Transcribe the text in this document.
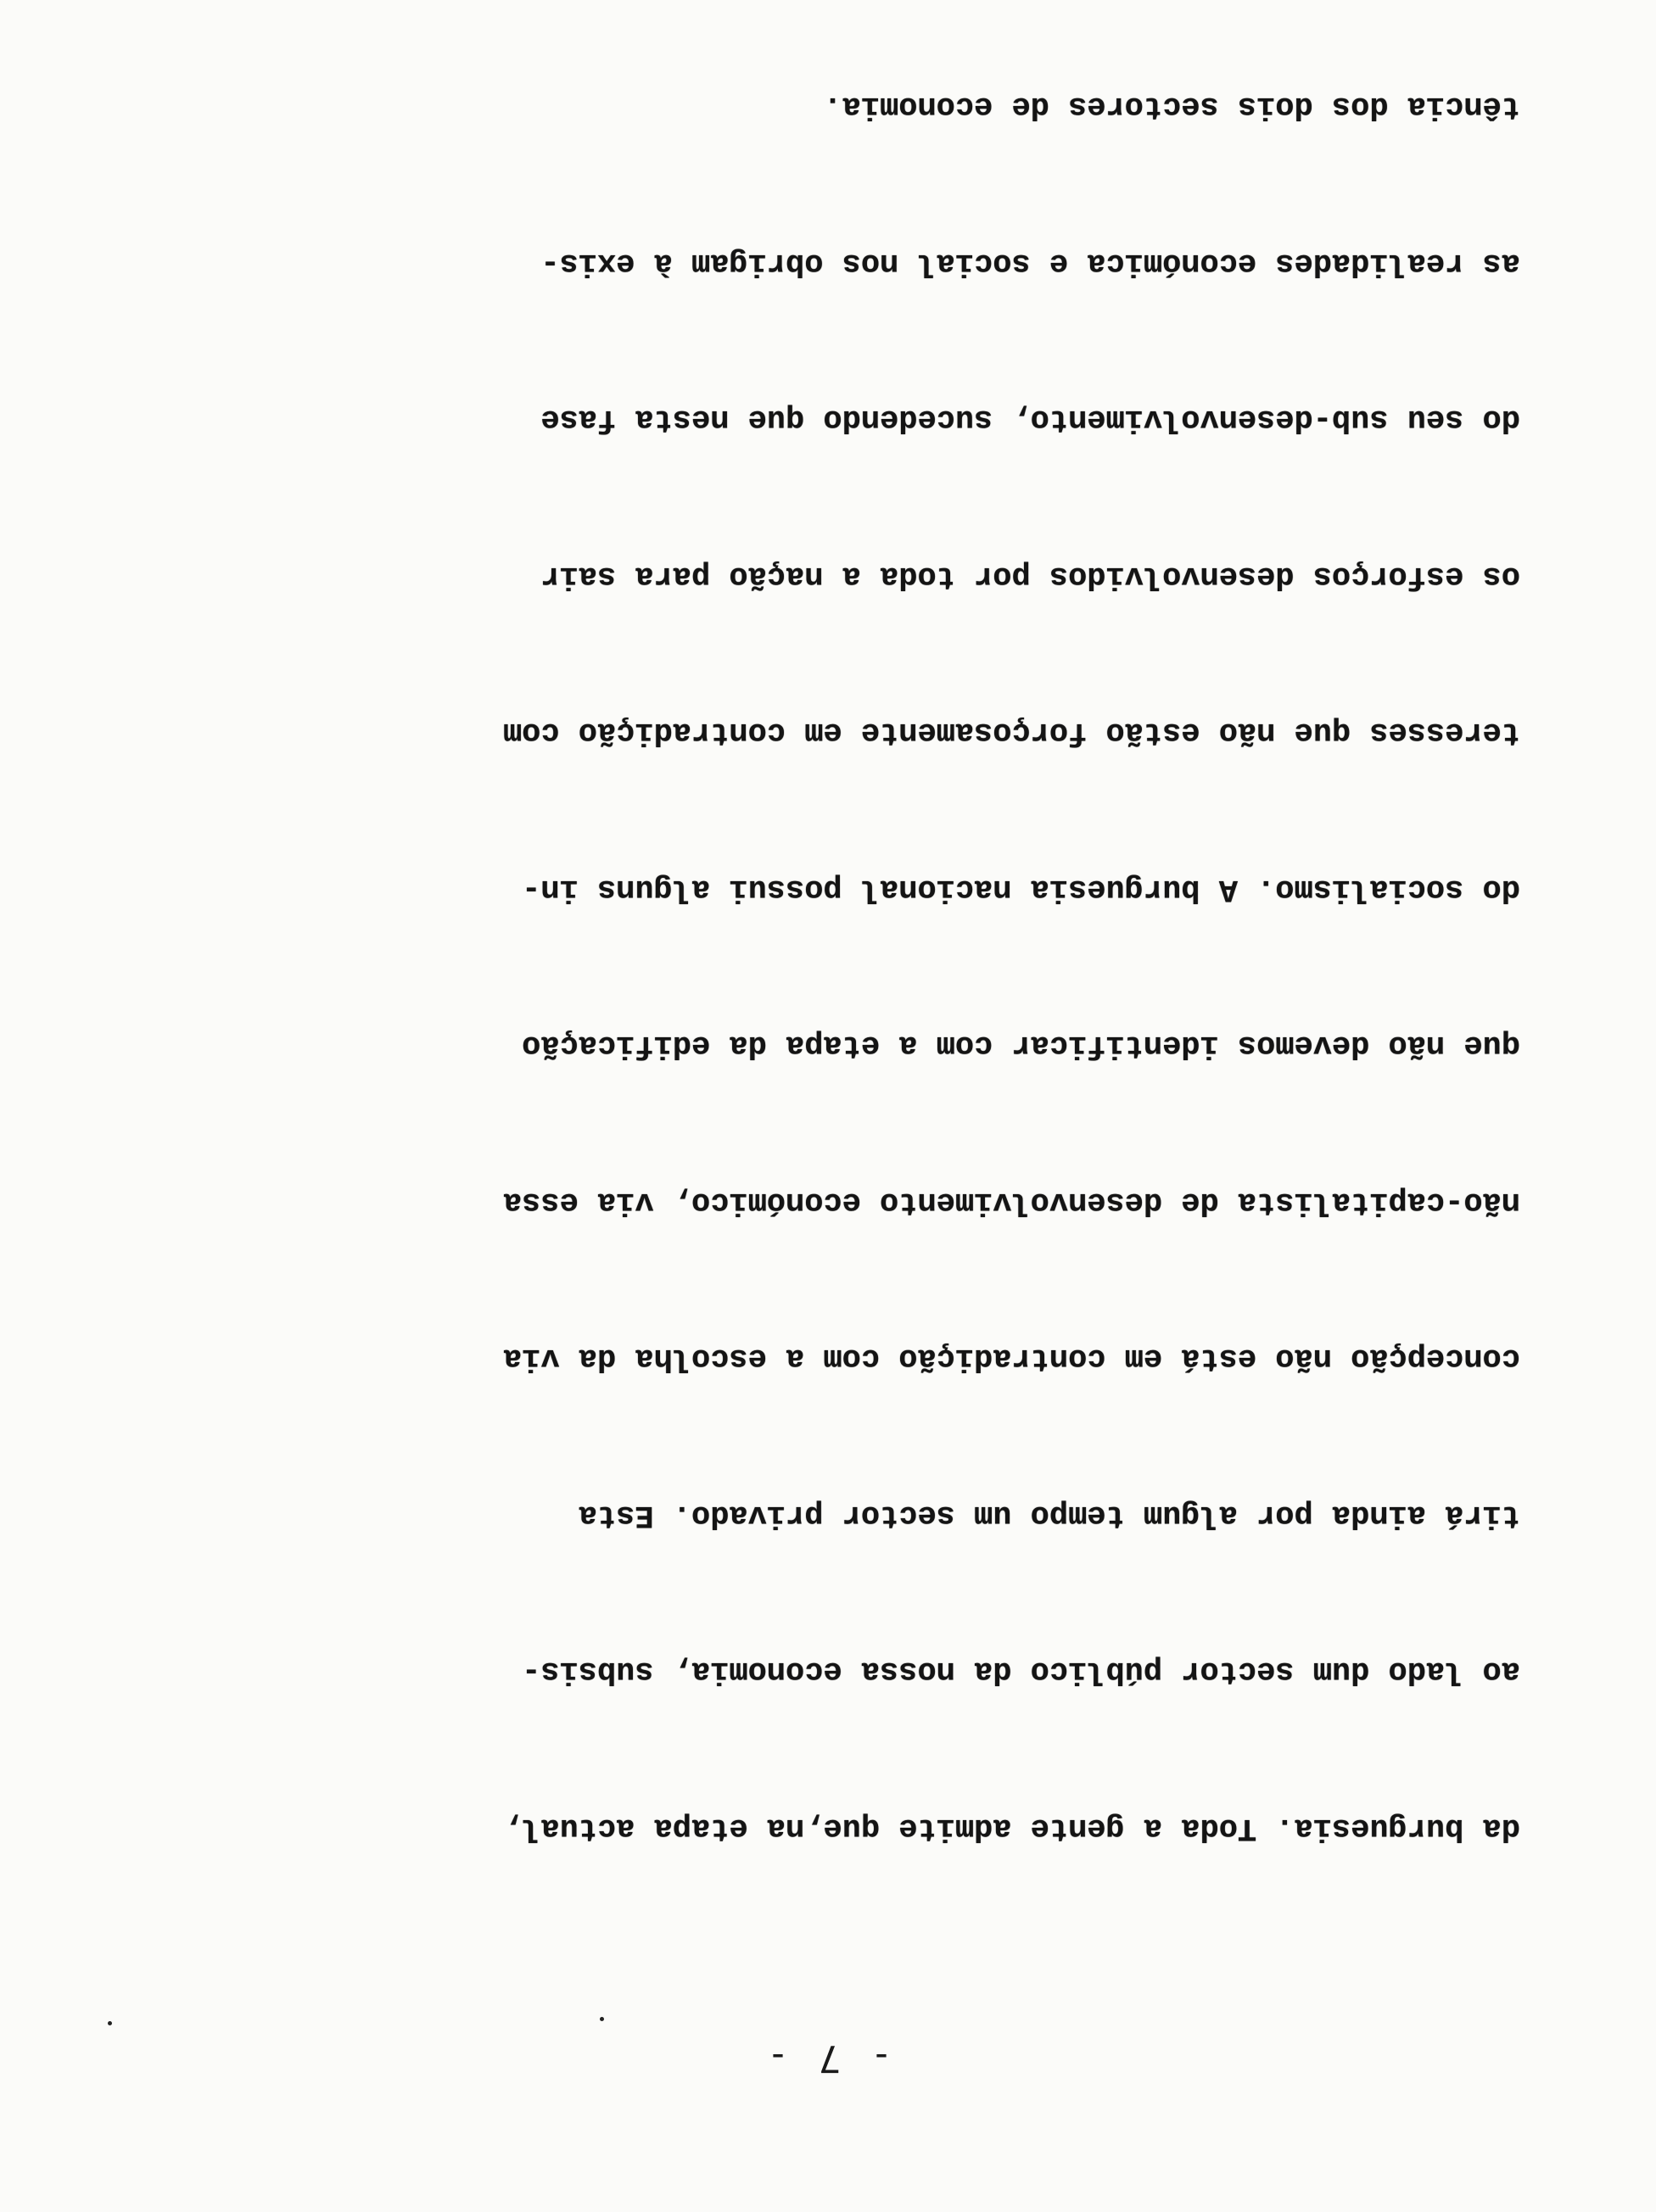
- 7 -

da burguesia. Toda a gente admite que,na etapa actual,

ao lado dum sector público da nossa economia, subsis-

tirá ainda por algum tempo um sector privado. Esta

concepção não está em contradição com a escolha da via

não-capitalista de desenvolvimento económico, via essa

que não devemos identificar com a etapa da edificação

do socialismo. A burguesia nacional possui alguns in-

teresses que não estão forçosamente em contradição com

os esforços desenvolvidos por toda a nação para sair

do seu sub-desenvolvimento, sucedendo que nesta fase

as realidades económica e social nos obrigam à exis-

tência dos dois sectores de economia.
